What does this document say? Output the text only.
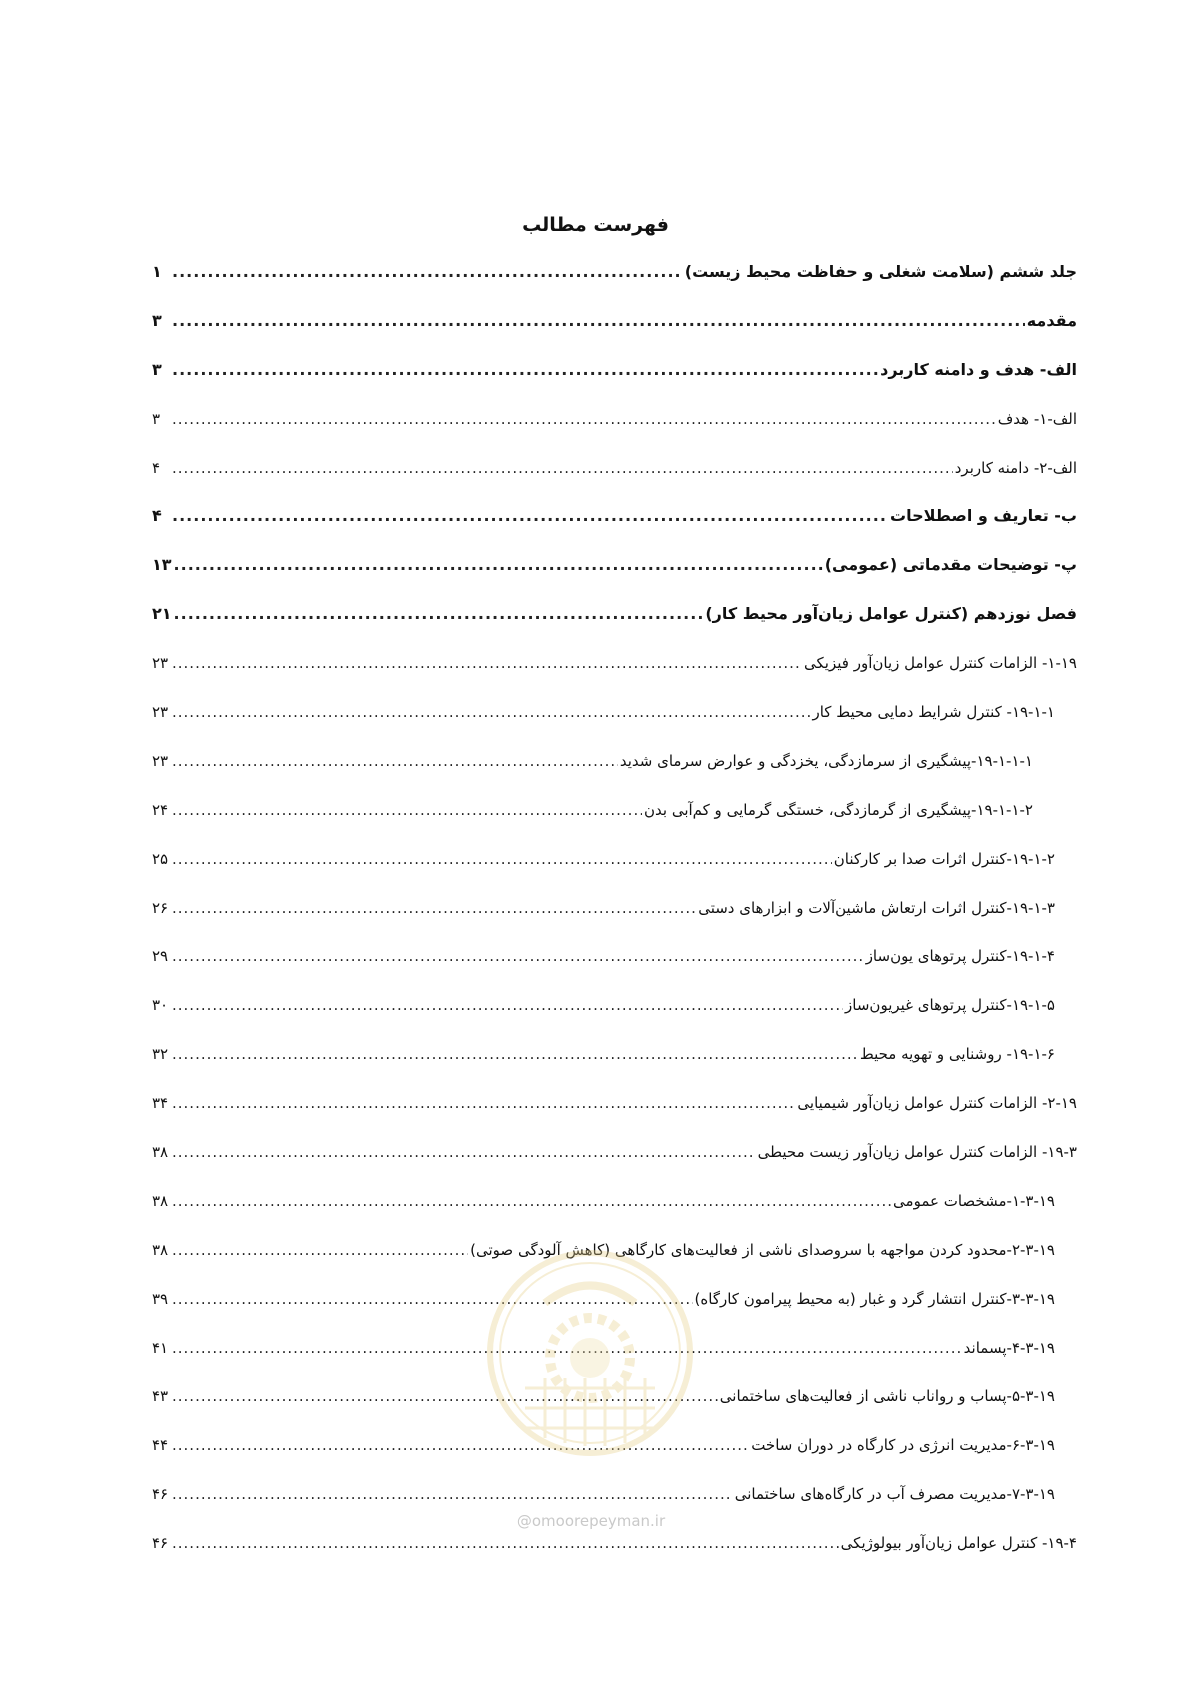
فهرست مطالب
جلد ششم (سلامت شغلی و حفاظت محیط زیست)
.....
۱
مقدمه
.....
۳
الف- هدف و دامنه کاربرد
.....
۳
الف-۱- هدف
.....
۳
الف-۲- دامنه کاربرد
.....
۴
ب- تعاریف و اصطلاحات
.....
۴
پ- توضیحات مقدماتی (عمومی)
.....
۱۳
فصل نوزدهم (کنترل عوامل زیان‌آور محیط کار)
.....
۲۱
۱-۱۹- الزامات کنترل عوامل زیان‌آور فیزیکی
.....
۲۳
۱۹-۱-۱- کنترل شرایط دمایی محیط کار
.....
۲۳
۱۹-۱-۱-۱-پیشگیری از سرمازدگی، یخزدگی و عوارض سرمای شدید
.....
۲۳
۱۹-۱-۱-۲-پیشگیری از گرمازدگی، خستگی گرمایی و کم‌آبی بدن
.....
۲۴
۱۹-۱-۲-کنترل اثرات صدا بر کارکنان
.....
۲۵
۱۹-۱-۳-کنترل اثرات ارتعاش ماشین‌آلات و ابزارهای دستی
.....
۲۶
۱۹-۱-۴-کنترل پرتوهای یون‌ساز
.....
۲۹
۱۹-۱-۵-کنترل پرتوهای غیریون‌ساز
.....
۳۰
۱۹-۱-۶- روشنایی و تهویه محیط
.....
۳۲
۲-۱۹- الزامات کنترل عوامل زیان‌آور شیمیایی
.....
۳۴
۱۹-۳- الزامات کنترل عوامل زیان‌آور زیست محیطی
.....
۳۸
۱-۳-۱۹-مشخصات عمومی
.....
۳۸
۲-۳-۱۹-محدود کردن مواجهه با سروصدای ناشی از فعالیت‌های کارگاهی (کاهش آلودگی صوتی)
.....
۳۸
۳-۳-۱۹-کنترل انتشار گرد و غبار (به محیط پیرامون کارگاه)
.....
۳۹
۴-۳-۱۹-پسماند
.....
۴۱
۵-۳-۱۹-پساب و رواناب ناشی از فعالیت‌های ساختمانی
.....
۴۳
۶-۳-۱۹-مدیریت انرژی در کارگاه در دوران ساخت
.....
۴۴
۷-۳-۱۹-مدیریت مصرف آب در کارگاه‌های ساختمانی
.....
۴۶
۱۹-۴- کنترل عوامل زیان‌آور بیولوژیکی
.....
۴۶
@omoorepeyman.ir
